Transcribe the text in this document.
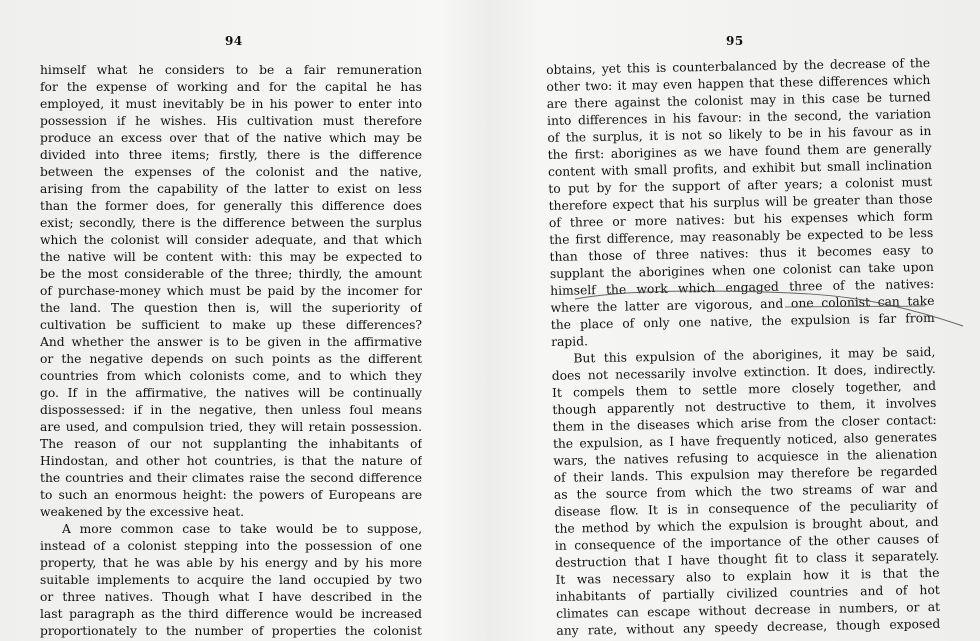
94
himself what he considers to be a fair remuneration
for the expense of working and for the capital he has
employed, it must inevitably be in his power to enter into
possession if he wishes. His cultivation must therefore
produce an excess over that of the native which may be
divided into three items; firstly, there is the difference
between the expenses of the colonist and the native,
arising from the capability of the latter to exist on less
than the former does, for generally this difference does
exist; secondly, there is the difference between the surplus
which the colonist will consider adequate, and that which
the native will be content with: this may be expected to
be the most considerable of the three; thirdly, the amount
of purchase-money which must be paid by the incomer for
the land. The question then is, will the superiority of
cultivation be sufficient to make up these differences?
And whether the answer is to be given in the affirmative
or the negative depends on such points as the different
countries from which colonists come, and to which they
go. If in the affirmative, the natives will be continually
dispossessed: if in the negative, then unless foul means
are used, and compulsion tried, they will retain possession.
The reason of our not supplanting the inhabitants of
Hindostan, and other hot countries, is that the nature of
the countries and their climates raise the second difference
to such an enormous height: the powers of Europeans are
weakened by the excessive heat.
A more common case to take would be to suppose,
instead of a colonist stepping into the possession of one
property, that he was able by his energy and by his more
suitable implements to acquire the land occupied by two
or three natives. Though what I have described in the
last paragraph as the third difference would be increased
proportionately to the number of properties the colonist
95
obtains, yet this is counterbalanced by the decrease of the
other two: it may even happen that these differences which
are there against the colonist may in this case be turned
into differences in his favour: in the second, the variation
of the surplus, it is not so likely to be in his favour as in
the first: aborigines as we have found them are generally
content with small profits, and exhibit but small inclination
to put by for the support of after years; a colonist must
therefore expect that his surplus will be greater than those
of three or more natives: but his expenses which form
the first difference, may reasonably be expected to be less
than those of three natives: thus it becomes easy to
supplant the aborigines when one colonist can take upon
himself the work which engaged three of the natives:
where the latter are vigorous, and one colonist can take
the place of only one native, the expulsion is far from
rapid.
But this expulsion of the aborigines, it may be said,
does not necessarily involve extinction. It does, indirectly.
It compels them to settle more closely together, and
though apparently not destructive to them, it involves
them in the diseases which arise from the closer contact:
the expulsion, as I have frequently noticed, also generates
wars, the natives refusing to acquiesce in the alienation
of their lands. This expulsion may therefore be regarded
as the source from which the two streams of war and
disease flow. It is in consequence of the peculiarity of
the method by which the expulsion is brought about, and
in consequence of the importance of the other causes of
destruction that I have thought fit to class it separately.
It was necessary also to explain how it is that the
inhabitants of partially civilized countries and of hot
climates can escape without decrease in numbers, or at
any rate, without any speedy decrease, though exposed
